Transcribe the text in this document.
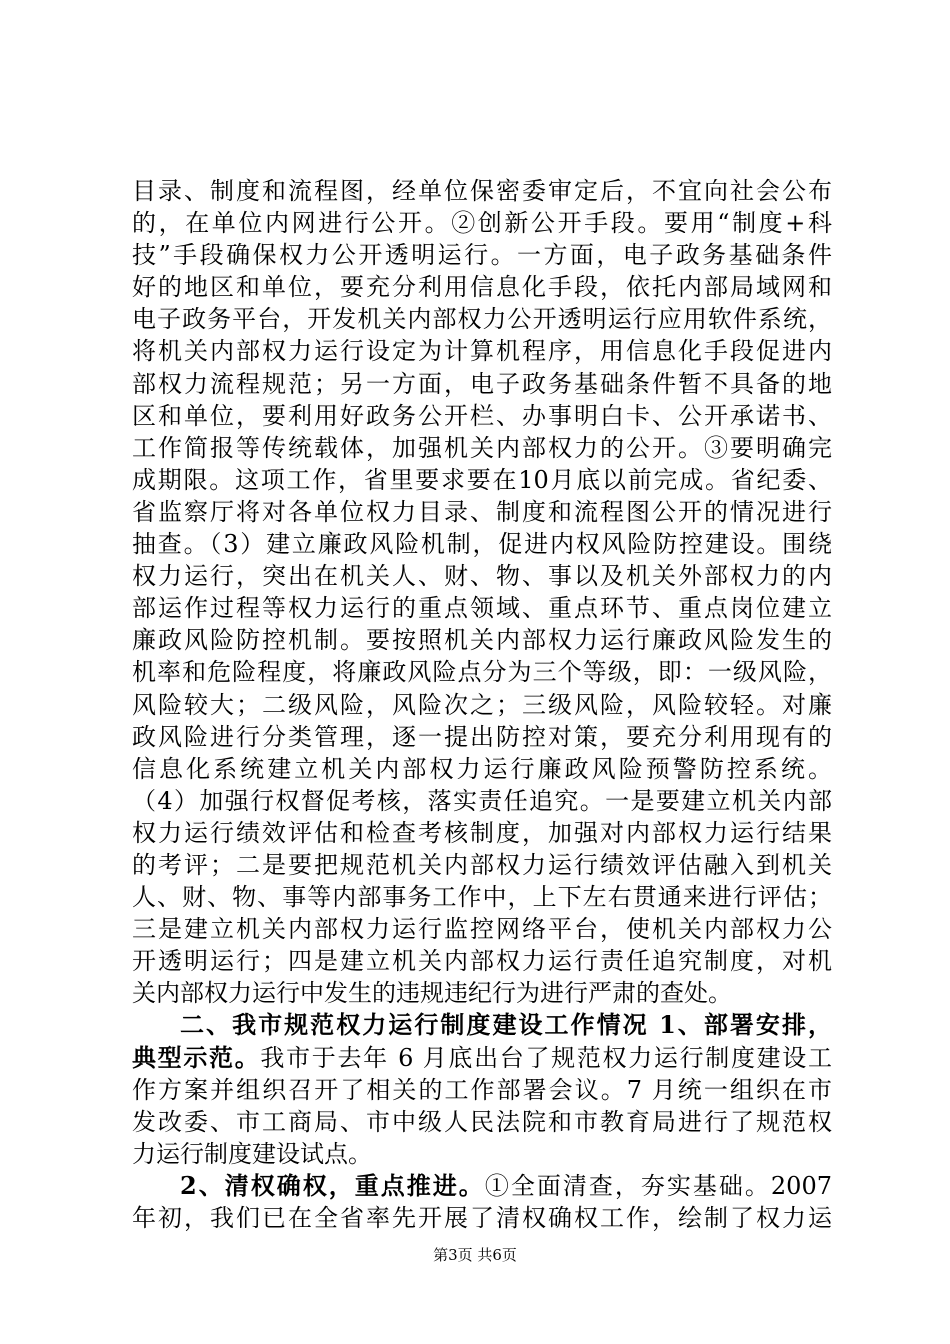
目录、制度和流程图，经单位保密委审定后，不宜向社会公布
的，在单位内网进行公开。②创新公开手段。要用“制度+科
技”手段确保权力公开透明运行。一方面，电子政务基础条件
好的地区和单位，要充分利用信息化手段，依托内部局域网和
电子政务平台，开发机关内部权力公开透明运行应用软件系统，
将机关内部权力运行设定为计算机程序，用信息化手段促进内
部权力流程规范；另一方面，电子政务基础条件暂不具备的地
区和单位，要利用好政务公开栏、办事明白卡、公开承诺书、
工作简报等传统载体，加强机关内部权力的公开。③要明确完
成期限。这项工作，省里要求要在10月底以前完成。省纪委、
省监察厅将对各单位权力目录、制度和流程图公开的情况进行
抽查。（3）建立廉政风险机制，促进内权风险防控建设。围绕
权力运行，突出在机关人、财、物、事以及机关外部权力的内
部运作过程等权力运行的重点领域、重点环节、重点岗位建立
廉政风险防控机制。要按照机关内部权力运行廉政风险发生的
机率和危险程度，将廉政风险点分为三个等级，即：一级风险，
风险较大；二级风险，风险次之；三级风险，风险较轻。对廉
政风险进行分类管理，逐一提出防控对策，要充分利用现有的
信息化系统建立机关内部权力运行廉政风险预警防控系统。
（4）加强行权督促考核，落实责任追究。一是要建立机关内部
权力运行绩效评估和检查考核制度，加强对内部权力运行结果
的考评；二是要把规范机关内部权力运行绩效评估融入到机关
人、财、物、事等内部事务工作中，上下左右贯通来进行评估；
三是建立机关内部权力运行监控网络平台，使机关内部权力公
开透明运行；四是建立机关内部权力运行责任追究制度，对机
关内部权力运行中发生的违规违纪行为进行严肃的查处。
二、我市规范权力运行制度建设工作情况 1、部署安排，
典型示范。我市于去年 6 月底出台了规范权力运行制度建设工
作方案并组织召开了相关的工作部署会议。7 月统一组织在市
发改委、市工商局、市中级人民法院和市教育局进行了规范权
力运行制度建设试点。
2、清权确权，重点推进。①全面清查，夯实基础。2007
年初，我们已在全省率先开展了清权确权工作，绘制了权力运
第3页 共6页
